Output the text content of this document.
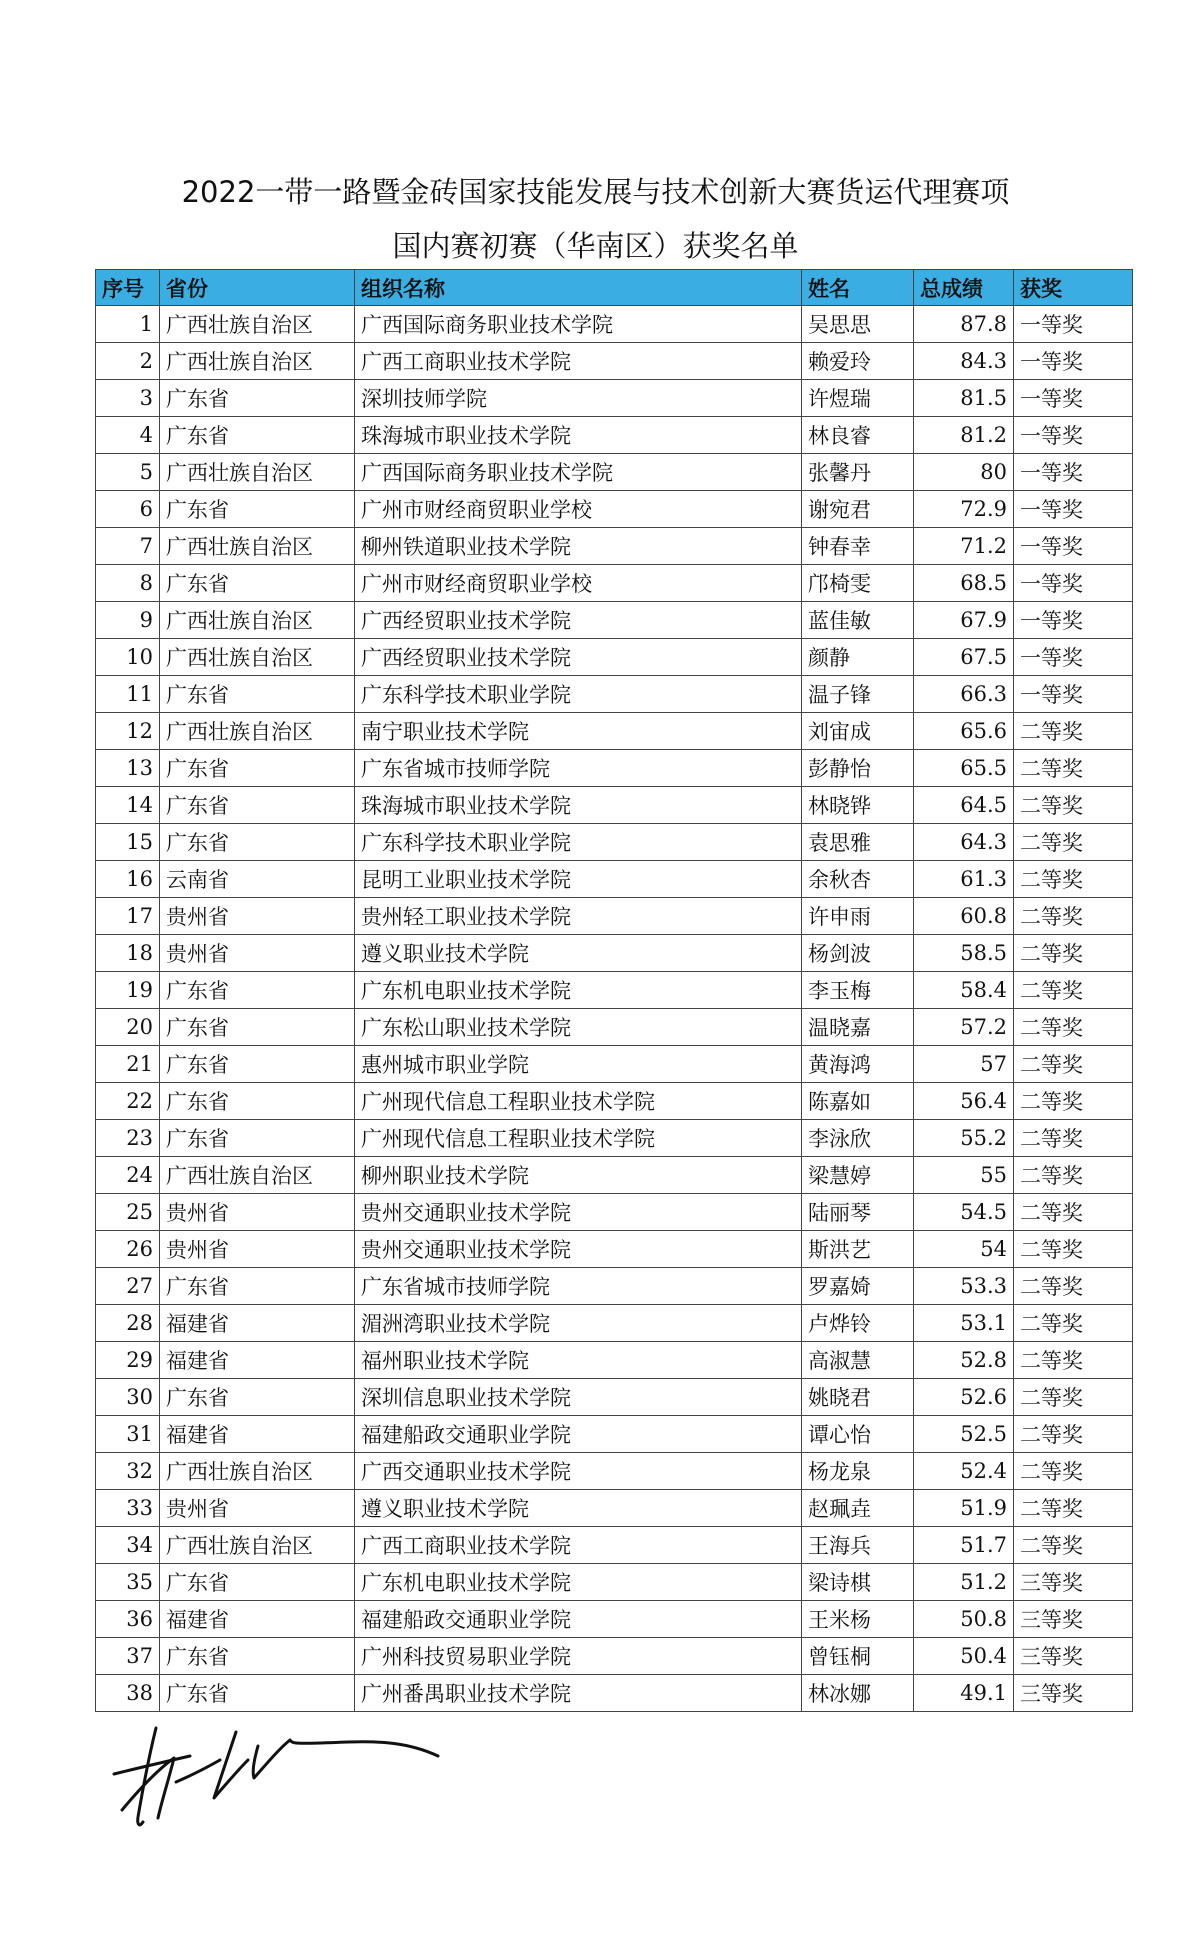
2022一带一路暨金砖国家技能发展与技术创新大赛货运代理赛项
国内赛初赛（华南区）获奖名单
序号	省份	组织名称	姓名	总成绩	获奖
1	广西壮族自治区	广西国际商务职业技术学院	吴思思	87.8	一等奖
2	广西壮族自治区	广西工商职业技术学院	赖爱玲	84.3	一等奖
3	广东省	深圳技师学院	许煜瑞	81.5	一等奖
4	广东省	珠海城市职业技术学院	林良睿	81.2	一等奖
5	广西壮族自治区	广西国际商务职业技术学院	张馨丹	80	一等奖
6	广东省	广州市财经商贸职业学校	谢宛君	72.9	一等奖
7	广西壮族自治区	柳州铁道职业技术学院	钟春幸	71.2	一等奖
8	广东省	广州市财经商贸职业学校	邝椅雯	68.5	一等奖
9	广西壮族自治区	广西经贸职业技术学院	蓝佳敏	67.9	一等奖
10	广西壮族自治区	广西经贸职业技术学院	颜静	67.5	一等奖
11	广东省	广东科学技术职业学院	温子锋	66.3	一等奖
12	广西壮族自治区	南宁职业技术学院	刘宙成	65.6	二等奖
13	广东省	广东省城市技师学院	彭静怡	65.5	二等奖
14	广东省	珠海城市职业技术学院	林晓铧	64.5	二等奖
15	广东省	广东科学技术职业学院	袁思雅	64.3	二等奖
16	云南省	昆明工业职业技术学院	余秋杏	61.3	二等奖
17	贵州省	贵州轻工职业技术学院	许申雨	60.8	二等奖
18	贵州省	遵义职业技术学院	杨剑波	58.5	二等奖
19	广东省	广东机电职业技术学院	李玉梅	58.4	二等奖
20	广东省	广东松山职业技术学院	温晓嘉	57.2	二等奖
21	广东省	惠州城市职业学院	黄海鸿	57	二等奖
22	广东省	广州现代信息工程职业技术学院	陈嘉如	56.4	二等奖
23	广东省	广州现代信息工程职业技术学院	李泳欣	55.2	二等奖
24	广西壮族自治区	柳州职业技术学院	梁慧婷	55	二等奖
25	贵州省	贵州交通职业技术学院	陆丽琴	54.5	二等奖
26	贵州省	贵州交通职业技术学院	斯洪艺	54	二等奖
27	广东省	广东省城市技师学院	罗嘉婍	53.3	二等奖
28	福建省	湄洲湾职业技术学院	卢烨铃	53.1	二等奖
29	福建省	福州职业技术学院	高淑慧	52.8	二等奖
30	广东省	深圳信息职业技术学院	姚晓君	52.6	二等奖
31	福建省	福建船政交通职业学院	谭心怡	52.5	二等奖
32	广西壮族自治区	广西交通职业技术学院	杨龙泉	52.4	二等奖
33	贵州省	遵义职业技术学院	赵珮垚	51.9	二等奖
34	广西壮族自治区	广西工商职业技术学院	王海兵	51.7	二等奖
35	广东省	广东机电职业技术学院	梁诗棋	51.2	三等奖
36	福建省	福建船政交通职业学院	王米杨	50.8	三等奖
37	广东省	广州科技贸易职业学院	曾钰桐	50.4	三等奖
38	广东省	广州番禺职业技术学院	林冰娜	49.1	三等奖
